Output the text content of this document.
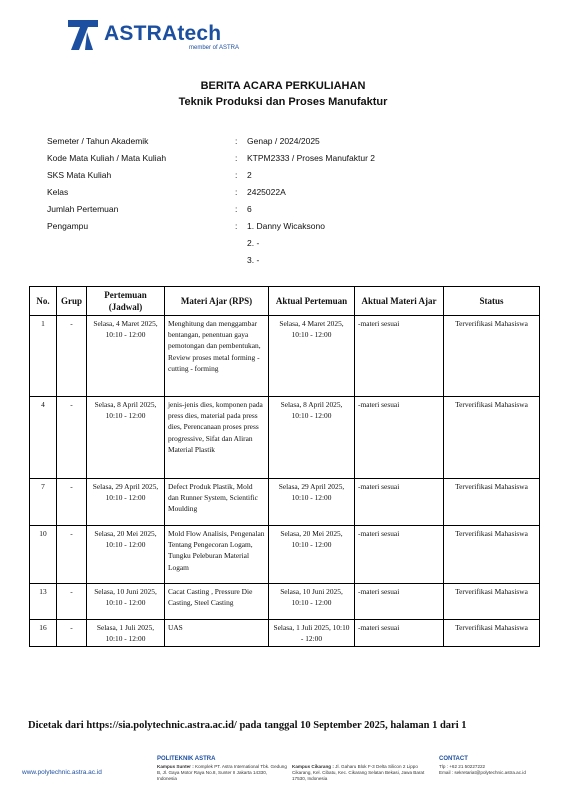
ASTRAtech
member of ASTRA
BERITA ACARA PERKULIAHAN
Teknik Produksi dan Proses Manufaktur
Semeter / Tahun Akademik	: Genap / 2024/2025
Kode Mata Kuliah / Mata Kuliah	: KTPM2333 / Proses Manufaktur 2
SKS Mata Kuliah	: 2
Kelas	: 2425022A
Jumlah Pertemuan	: 6
Pengampu	: 1. Danny Wicaksono
2. -
3. -
No.	Grup	Pertemuan (Jadwal)	Materi Ajar (RPS)	Aktual Pertemuan	Aktual Materi Ajar	Status
1	-	Selasa, 4 Maret 2025, 10:10 - 12:00	Menghitung dan menggambar bentangan, penentuan gaya pemotongan dan pembentukan, Review proses metal forming - cutting - forming	Selasa, 4 Maret 2025, 10:10 - 12:00	-materi sesuai	Terverifikasi Mahasiswa
4	-	Selasa, 8 April 2025, 10:10 - 12:00	jenis-jenis dies, komponen pada press dies, material pada press dies, Perencanaan proses press progressive, Sifat dan Aliran Material Plastik	Selasa, 8 April 2025, 10:10 - 12:00	-materi sesuai	Terverifikasi Mahasiswa
7	-	Selasa, 29 April 2025, 10:10 - 12:00	Defect Produk Plastik, Mold dan Runner System, Scientific Moulding	Selasa, 29 April 2025, 10:10 - 12:00	-materi sesuai	Terverifikasi Mahasiswa
10	-	Selasa, 20 Mei 2025, 10:10 - 12:00	Mold Flow Analisis, Pengenalan Tentang Pengecoran Logam, Tungku Peleburan Material Logam	Selasa, 20 Mei 2025, 10:10 - 12:00	-materi sesuai	Terverifikasi Mahasiswa
13	-	Selasa, 10 Juni 2025, 10:10 - 12:00	Cacat Casting , Pressure Die Casting, Steel Casting	Selasa, 10 Juni 2025, 10:10 - 12:00	-materi sesuai	Terverifikasi Mahasiswa
16	-	Selasa, 1 Juli 2025, 10:10 - 12:00	UAS	Selasa, 1 Juli 2025, 10:10 - 12:00	-materi sesuai	Terverifikasi Mahasiswa
Dicetak dari https://sia.polytechnic.astra.ac.id/ pada tanggal 10 September 2025, halaman 1 dari 1
www.polytechnic.astra.ac.id
POLITEKNIK ASTRA
Kampus Sunter : Komplek PT. Astra International Tbk. Gedung B, Jl. Gaya Motor Raya No.8, Sunter II Jakarta 14330, Indonesia
Kampus Cikarang : Jl. Gaharu Blok F-3 Delta Silicon 2 Lippo Cikarang, Kel. Cibatu, Kec. Cikarang Selatan Bekasi, Jawa Barat 17530, Indonesia
CONTACT
Tlp : +62 21 50227222
Email : sekretariat@polytechnic.astra.ac.id
